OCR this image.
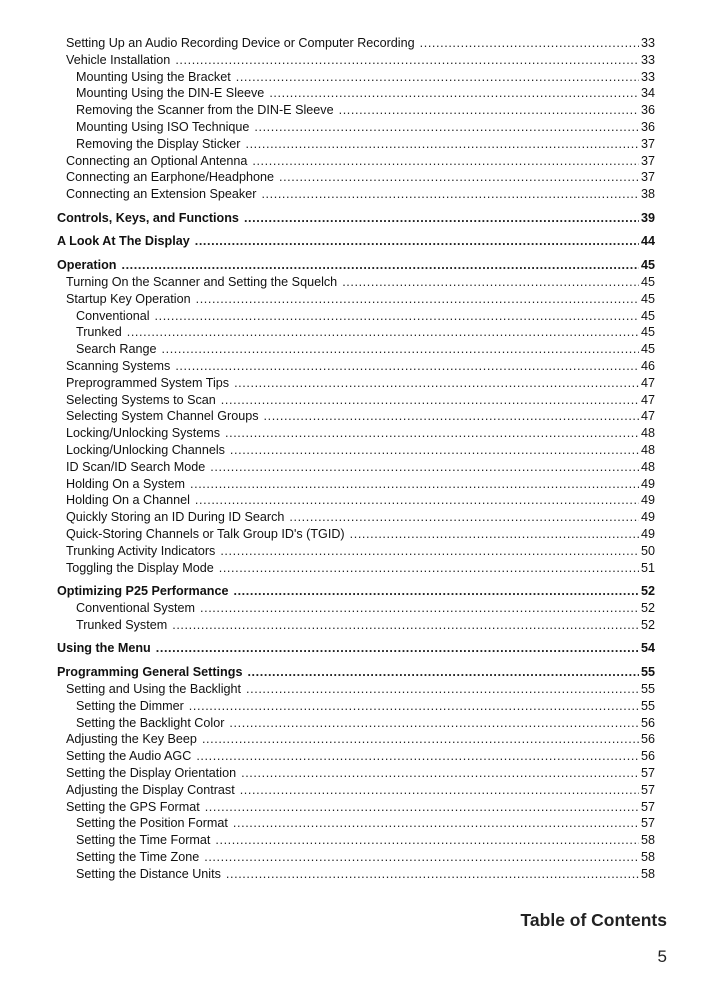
Setting Up an Audio Recording Device or Computer Recording .....	33
Vehicle Installation .....	33
Mounting Using the Bracket .....	33
Mounting Using the DIN-E Sleeve .....	34
Removing the Scanner from the DIN-E Sleeve .....	36
Mounting Using ISO Technique .....	36
Removing the Display Sticker .....	37
Connecting an Optional Antenna .....	37
Connecting an Earphone/Headphone .....	37
Connecting an Extension Speaker .....	38
Controls, Keys, and Functions .....	39
A Look At The Display .....	44
Operation .....	45
Turning On the Scanner and Setting the Squelch .....	45
Startup Key Operation .....	45
Conventional .....	45
Trunked .....	45
Search Range .....	45
Scanning Systems .....	46
Preprogrammed System Tips .....	47
Selecting Systems to Scan .....	47
Selecting System Channel Groups .....	47
Locking/Unlocking Systems .....	48
Locking/Unlocking Channels .....	48
ID Scan/ID Search Mode .....	48
Holding On a System .....	49
Holding On a Channel .....	49
Quickly Storing an ID During ID Search .....	49
Quick-Storing Channels or Talk Group ID's (TGID) .....	49
Trunking Activity Indicators .....	50
Toggling the Display Mode .....	51
Optimizing P25 Performance .....	52
Conventional System .....	52
Trunked System .....	52
Using the Menu .....	54
Programming General Settings .....	55
Setting and Using the Backlight .....	55
Setting the Dimmer .....	55
Setting the Backlight Color .....	56
Adjusting the Key Beep .....	56
Setting the Audio AGC .....	56
Setting the Display Orientation .....	57
Adjusting the Display Contrast .....	57
Setting the GPS Format .....	57
Setting the Position Format .....	57
Setting the Time Format .....	58
Setting the Time Zone .....	58
Setting the Distance Units .....	58
Table of Contents
5
